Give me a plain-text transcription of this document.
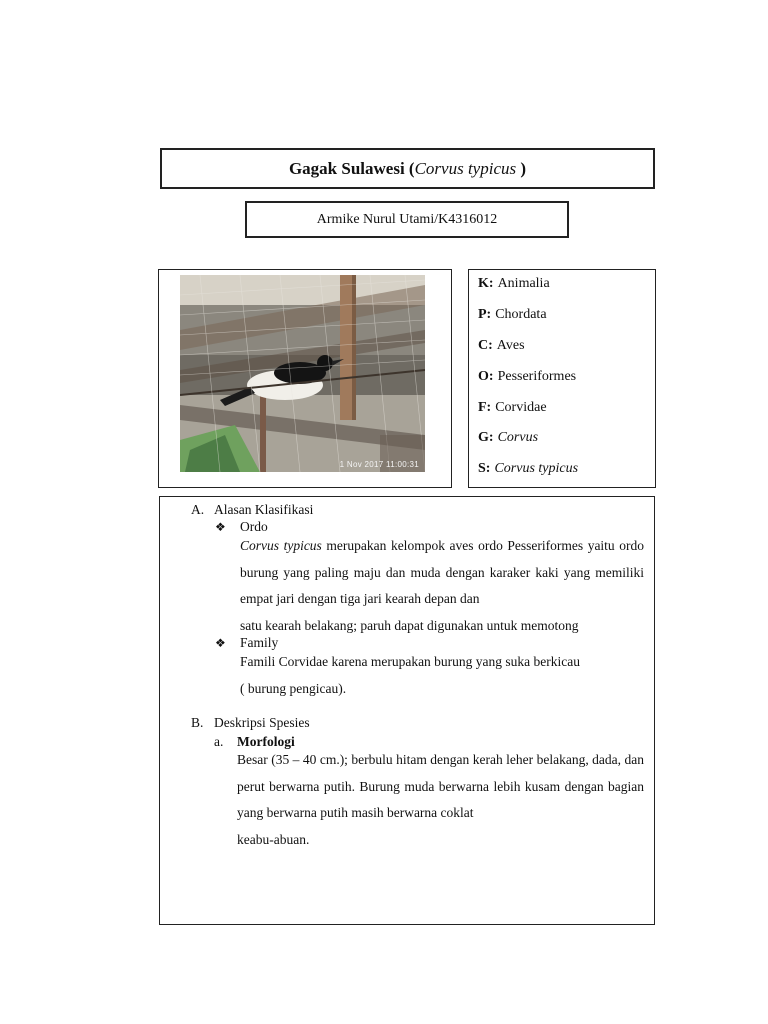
Gagak Sulawesi (Corvus typicus )
Armike Nurul Utami/K4316012
1 Nov 2017 11:00:31
K: Animalia
P: Chordata
C: Aves
O: Pesseriformes
F: Corvidae
G: Corvus
S: Corvus typicus
A. Alasan Klasifikasi
❖ Ordo
Corvus typicus merupakan kelompok aves ordo Pesseriformes yaitu ordo burung yang paling maju dan muda dengan karaker kaki yang memiliki empat jari dengan tiga jari kearah depan dan
satu kearah belakang; paruh dapat digunakan untuk memotong
❖ Family
Famili Corvidae karena merupakan burung yang suka berkicau
( burung pengicau).
B. Deskripsi Spesies
a. Morfologi
Besar (35 – 40 cm.); berbulu hitam dengan kerah leher belakang, dada, dan perut berwarna putih. Burung muda berwarna lebih kusam dengan bagian yang berwarna putih masih berwarna coklat
keabu-abuan.
